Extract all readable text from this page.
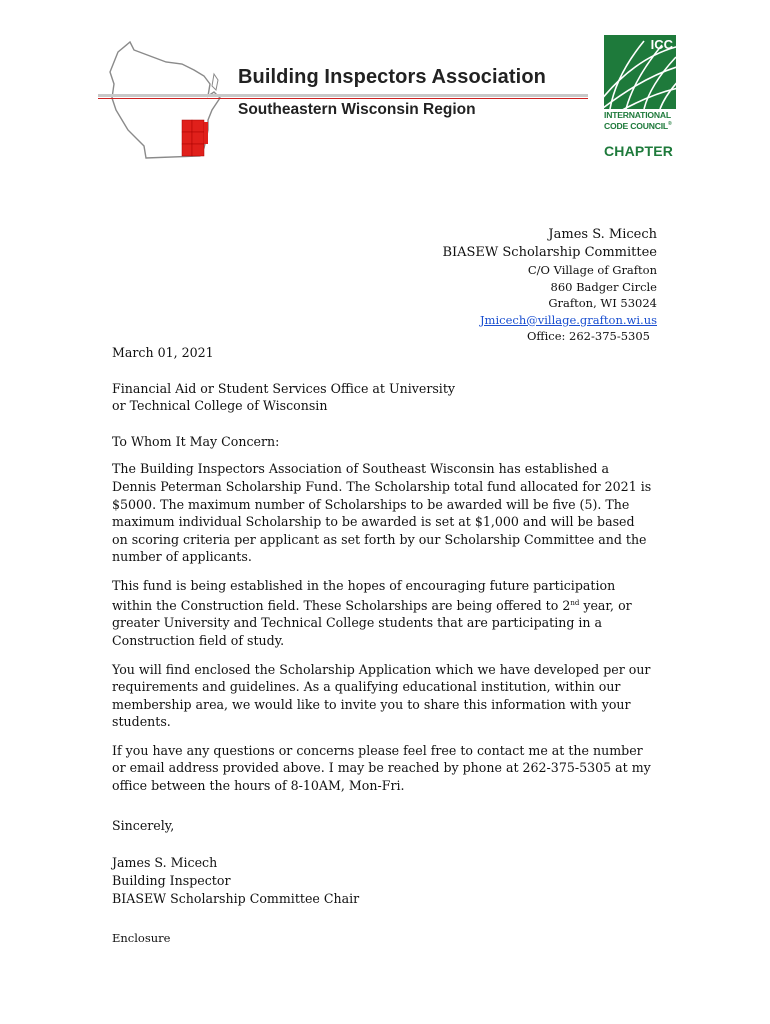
Building Inspectors Association
Southeastern Wisconsin Region
ICC
INTERNATIONAL
CODE COUNCIL®
CHAPTER
James S. Micech
BIASEW Scholarship Committee
C/O Village of Grafton
860 Badger Circle
Grafton, WI 53024
Jmicech@village.grafton.wi.us
Office: 262-375-5305

March 01, 2021

Financial Aid or Student Services Office at University
or Technical College of Wisconsin

To Whom It May Concern:

The Building Inspectors Association of Southeast Wisconsin has established a Dennis Peterman Scholarship Fund. The Scholarship total fund allocated for 2021 is $5000. The maximum number of Scholarships to be awarded will be five (5). The maximum individual Scholarship to be awarded is set at $1,000 and will be based on scoring criteria per applicant as set forth by our Scholarship Committee and the number of applicants.

This fund is being established in the hopes of encouraging future participation within the Construction field. These Scholarships are being offered to 2nd year, or greater University and Technical College students that are participating in a Construction field of study.

You will find enclosed the Scholarship Application which we have developed per our requirements and guidelines. As a qualifying educational institution, within our membership area, we would like to invite you to share this information with your students.

If you have any questions or concerns please feel free to contact me at the number or email address provided above. I may be reached by phone at 262-375-5305 at my office between the hours of 8-10AM, Mon-Fri.

Sincerely,

James S. Micech
Building Inspector
BIASEW Scholarship Committee Chair
Enclosure
